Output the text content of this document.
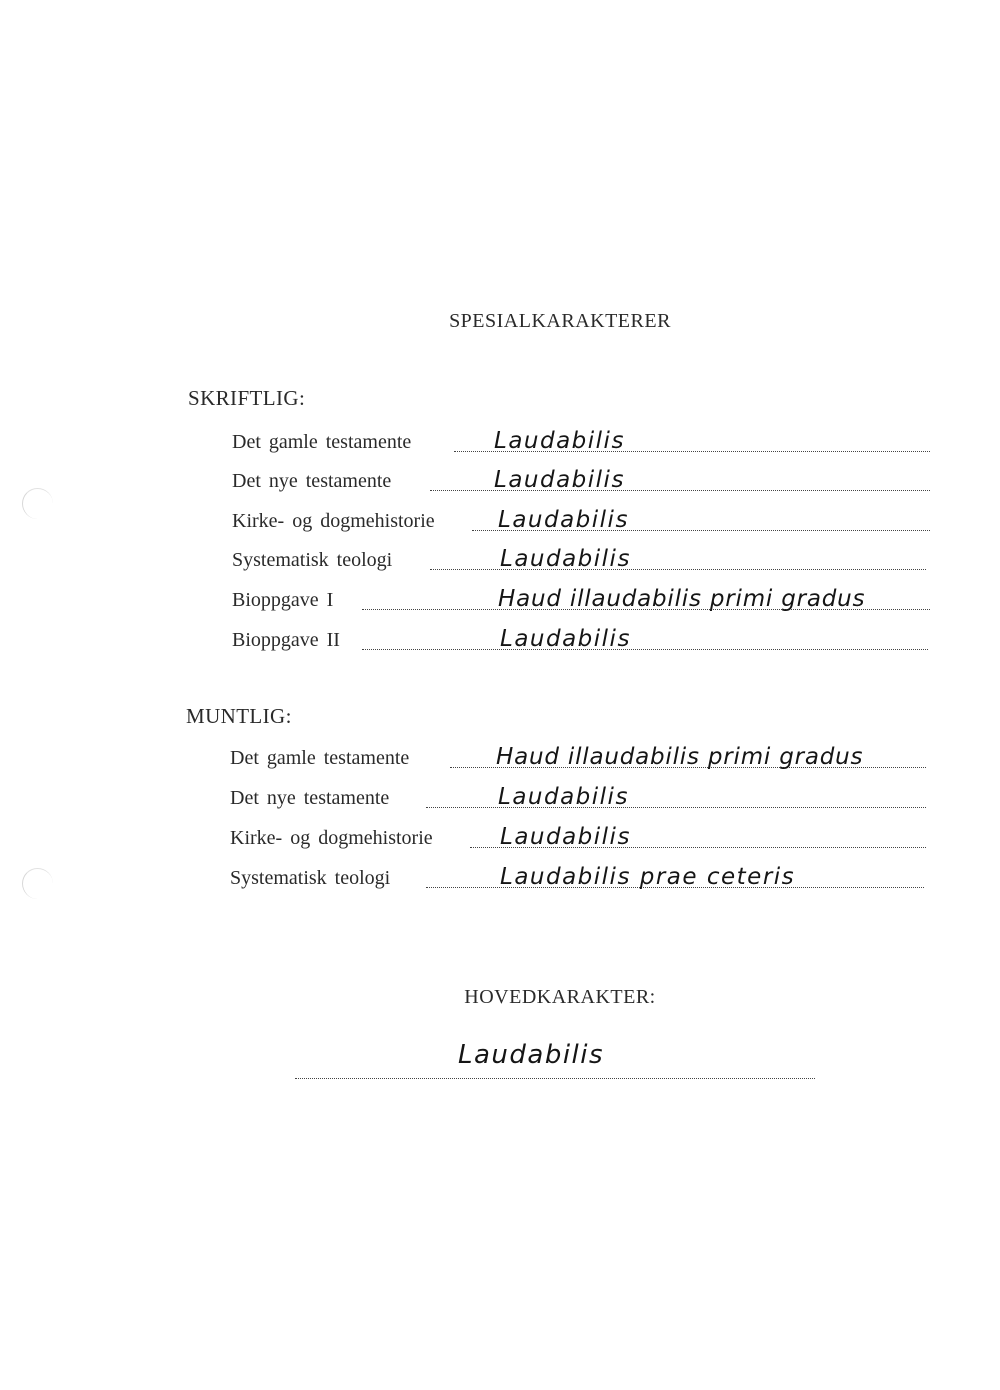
SPESIALKARAKTERER
SKRIFTLIG:
Det gamle testamente	Laudabilis
Det nye testamente	Laudabilis
Kirke- og dogmehistorie	Laudabilis
Systematisk teologi	Laudabilis
Bioppgave I	Haud illaudabilis primi gradus
Bioppgave II	Laudabilis
MUNTLIG:
Det gamle testamente	Haud illaudabilis primi gradus
Det nye testamente	Laudabilis
Kirke- og dogmehistorie	Laudabilis
Systematisk teologi	Laudabilis prae ceteris
HOVEDKARAKTER:
Laudabilis
